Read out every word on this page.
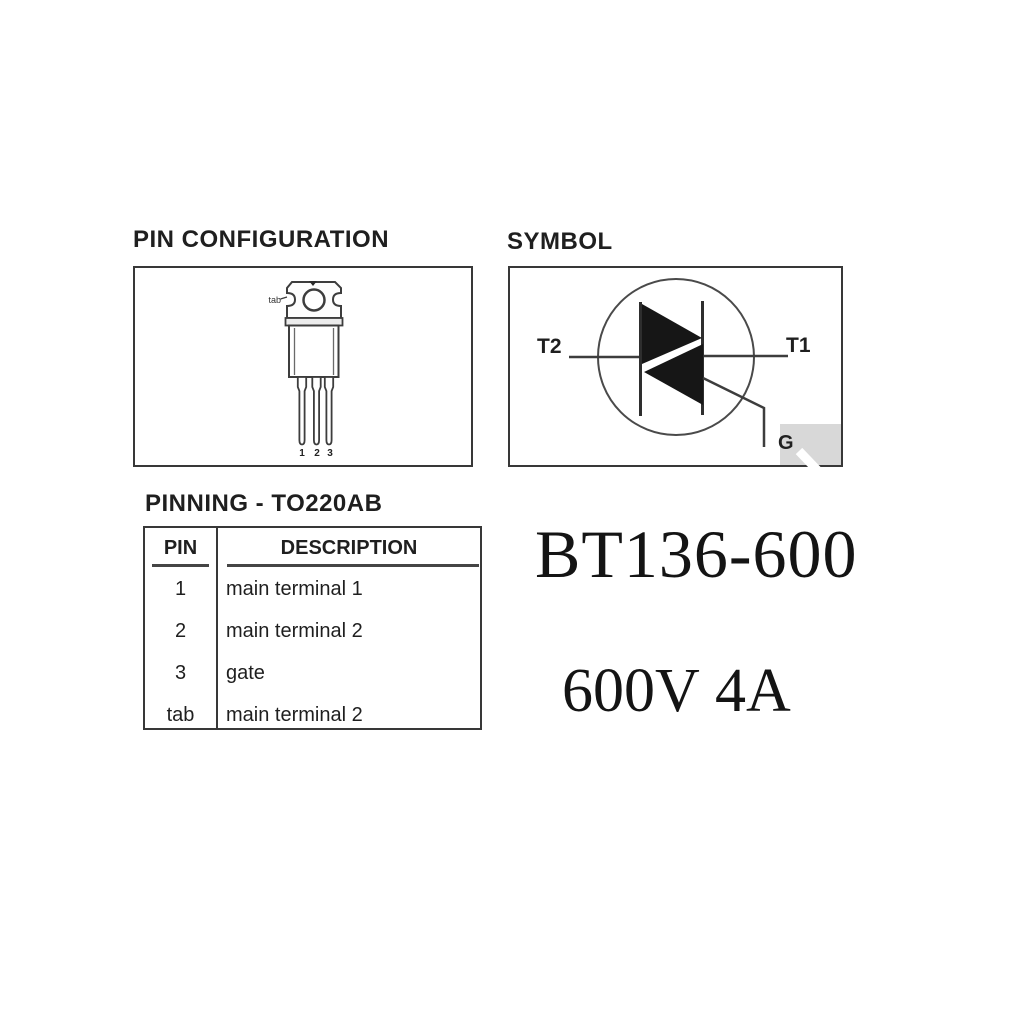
PIN CONFIGURATION	SYMBOL
PINNING - TO220AB
tab
1 2 3
T2	T1
G
PIN	DESCRIPTION
1	main terminal 1
2	main terminal 2
3	gate
tab	main terminal 2
BT136-600
600V 4A
